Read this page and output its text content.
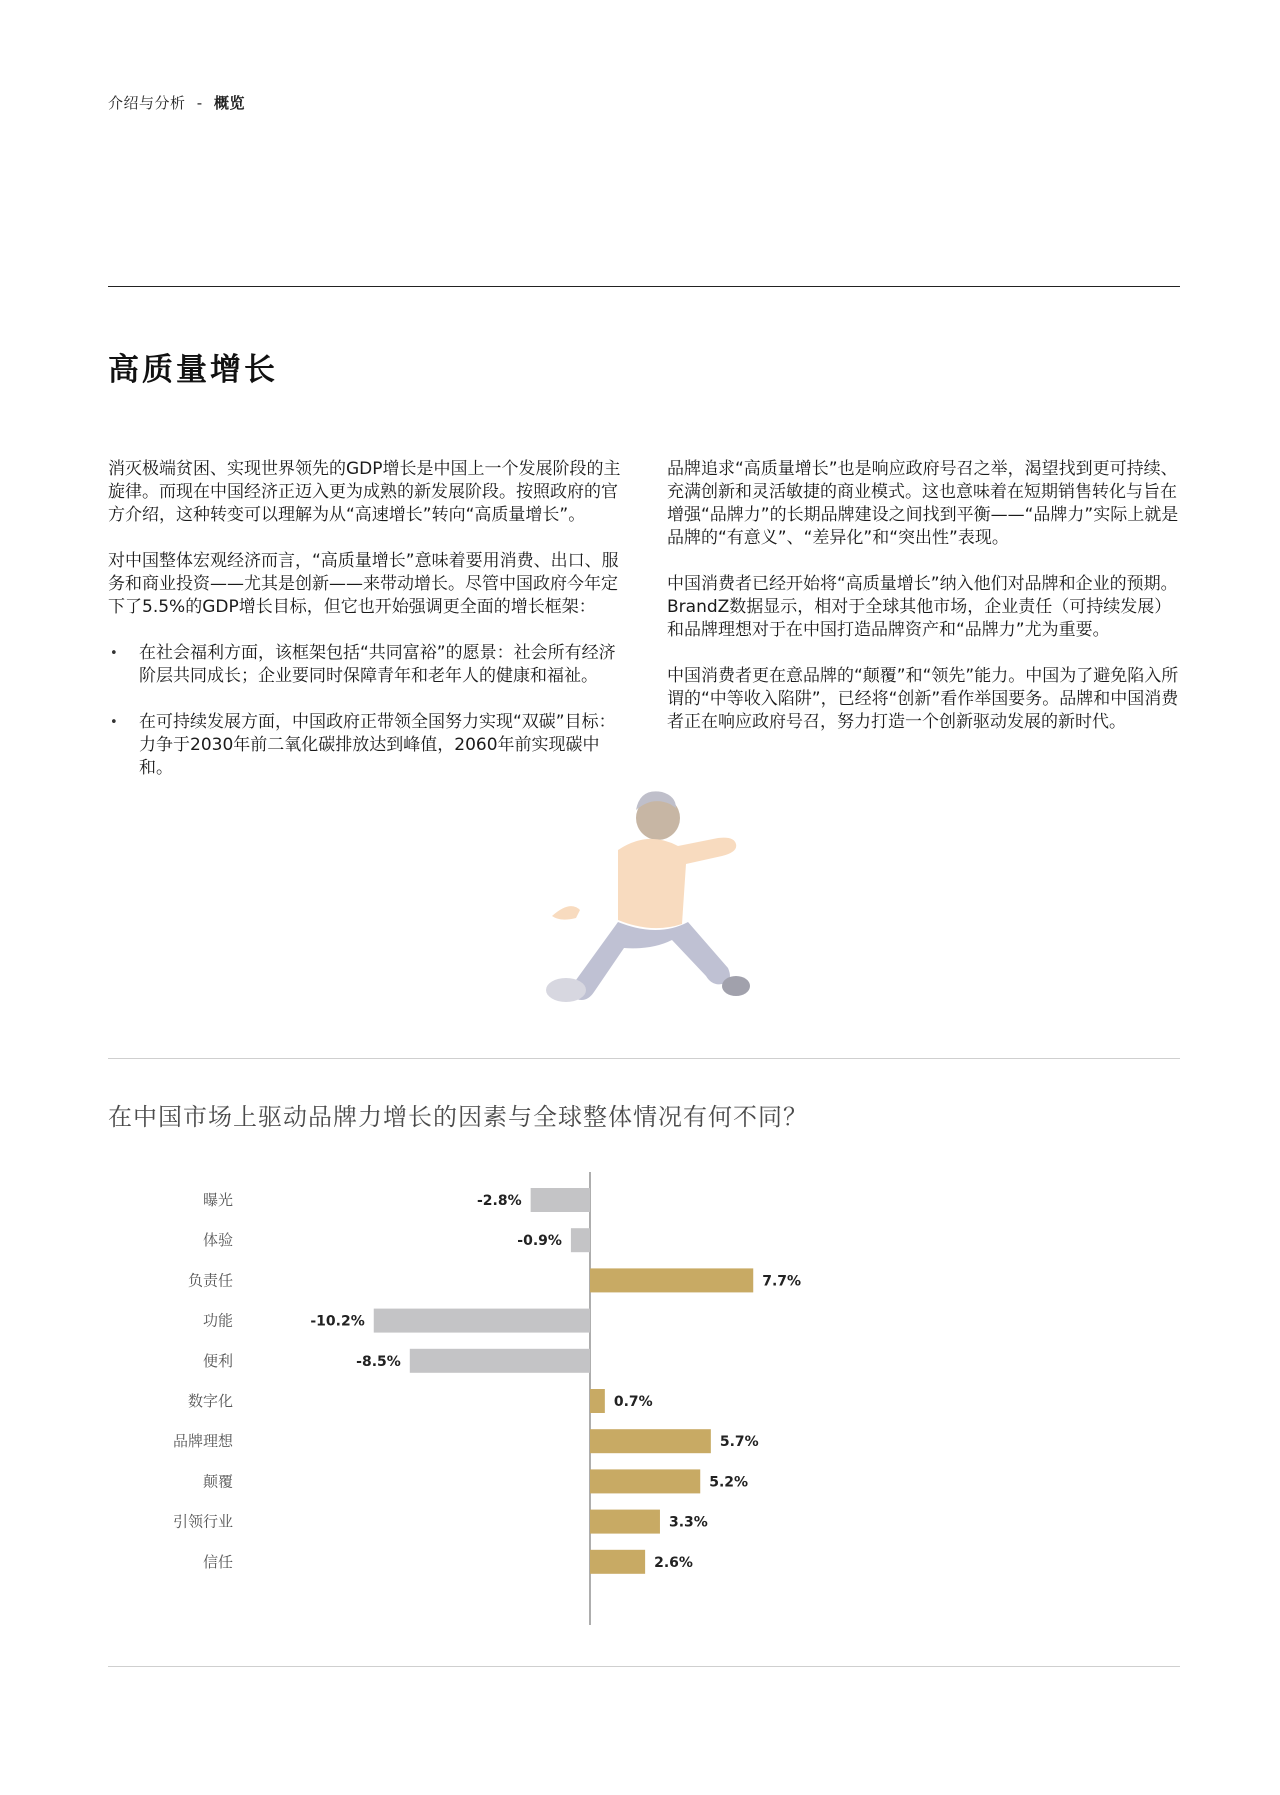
介绍与分析 - 概览
高质量增长

消灭极端贫困、实现世界领先的GDP增长是中国上一个发展阶段的主旋律。而现在中国经济正迈入更为成熟的新发展阶段。按照政府的官方介绍，这种转变可以理解为从“高速增长”转向“高质量增长”。

对中国整体宏观经济而言，“高质量增长”意味着要用消费、出口、服务和商业投资——尤其是创新——来带动增长。尽管中国政府今年定下了5.5%的GDP增长目标，但它也开始强调更全面的增长框架：

• 在社会福利方面，该框架包括“共同富裕”的愿景：社会所有经济阶层共同成长；企业要同时保障青年和老年人的健康和福祉。
• 在可持续发展方面，中国政府正带领全国努力实现“双碳”目标：力争于2030年前二氧化碳排放达到峰值，2060年前实现碳中和。

品牌追求“高质量增长”也是响应政府号召之举，渴望找到更可持续、充满创新和灵活敏捷的商业模式。这也意味着在短期销售转化与旨在增强“品牌力”的长期品牌建设之间找到平衡——“品牌力”实际上就是品牌的“有意义”、“差异化”和“突出性”表现。

中国消费者已经开始将“高质量增长”纳入他们对品牌和企业的预期。BrandZ数据显示，相对于全球其他市场，企业责任（可持续发展）和品牌理想对于在中国打造品牌资产和“品牌力”尤为重要。

中国消费者更在意品牌的“颠覆”和“领先”能力。中国为了避免陷入所谓的“中等收入陷阱”，已经将“创新”看作举国要务。品牌和中国消费者正在响应政府号召，努力打造一个创新驱动发展的新时代。

在中国市场上驱动品牌力增长的因素与全球整体情况有何不同？
曝光	-2.8%
体验	-0.9%
负责任	7.7%
功能	-10.2%
便利	-8.5%
数字化	0.7%
品牌理想	5.7%
颠覆	5.2%
引领行业	3.3%
信任	2.6%
